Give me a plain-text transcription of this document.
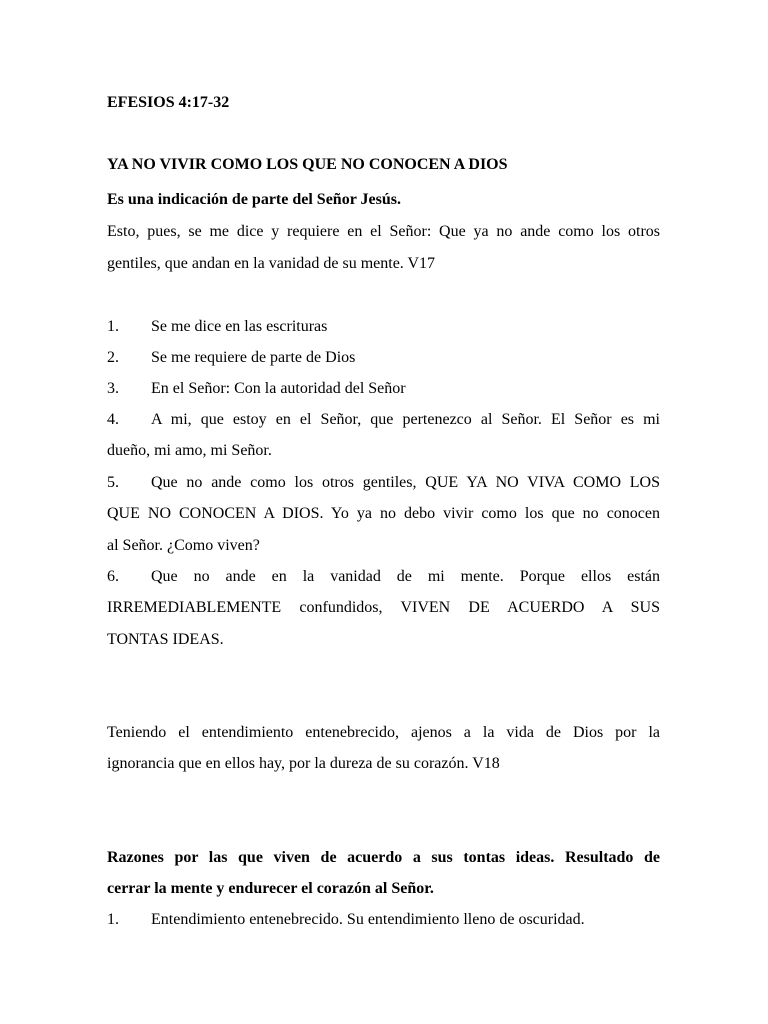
EFESIOS 4:17-32
YA NO VIVIR COMO LOS QUE NO CONOCEN A DIOS
Es una indicación de parte del Señor Jesús.
Esto, pues, se me dice y requiere en el Señor: Que ya no ande como los otros
gentiles, que andan en la vanidad de su mente. V17
1. Se me dice en las escrituras
2. Se me requiere de parte de Dios
3. En el Señor: Con la autoridad del Señor
4. A mi, que estoy en el Señor, que pertenezco al Señor. El Señor es mi
dueño, mi amo, mi Señor.
5. Que no ande como los otros gentiles, QUE YA NO VIVA COMO LOS
QUE NO CONOCEN A DIOS. Yo ya no debo vivir como los que no conocen
al Señor. ¿Como viven?
6. Que no ande en la vanidad de mi mente. Porque ellos están
IRREMEDIABLEMENTE confundidos, VIVEN DE ACUERDO A SUS
TONTAS IDEAS.
Teniendo el entendimiento entenebrecido, ajenos a la vida de Dios por la
ignorancia que en ellos hay, por la dureza de su corazón. V18
Razones por las que viven de acuerdo a sus tontas ideas. Resultado de
cerrar la mente y endurecer el corazón al Señor.
1. Entendimiento entenebrecido. Su entendimiento lleno de oscuridad.
